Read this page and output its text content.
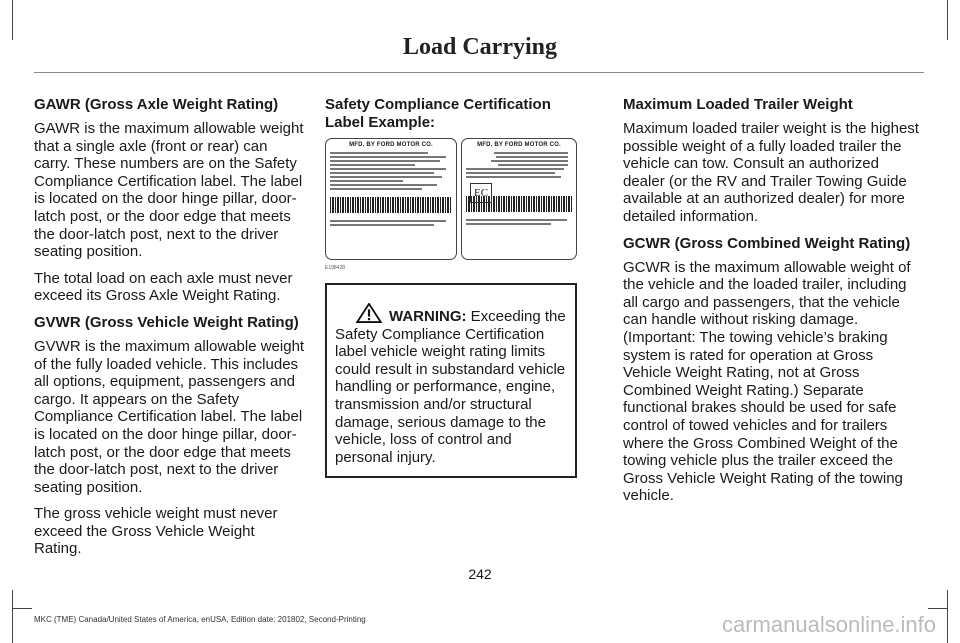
Load Carrying
GAWR (Gross Axle Weight Rating)

GAWR is the maximum allowable weight that a single axle (front or rear) can carry. These numbers are on the Safety Compliance Certification label. The label is located on the door hinge pillar, door-latch post, or the door edge that meets the door-latch post, next to the driver seating position.

The total load on each axle must never exceed its Gross Axle Weight Rating.

GVWR (Gross Vehicle Weight Rating)

GVWR is the maximum allowable weight of the fully loaded vehicle. This includes all options, equipment, passengers and cargo. It appears on the Safety Compliance Certification label. The label is located on the door hinge pillar, door-latch post, or the door edge that meets the door-latch post, next to the driver seating position.

The gross vehicle weight must never exceed the Gross Vehicle Weight Rating.

Safety Compliance Certification Label Example:
MFD. BY FORD MOTOR CO.	MFD. BY FORD MOTOR CO.
EC
E198428

WARNING: Exceeding the Safety Compliance Certification label vehicle weight rating limits could result in substandard vehicle handling or performance, engine, transmission and/or structural damage, serious damage to the vehicle, loss of control and personal injury.

Maximum Loaded Trailer Weight

Maximum loaded trailer weight is the highest possible weight of a fully loaded trailer the vehicle can tow. Consult an authorized dealer (or the RV and Trailer Towing Guide available at an authorized dealer) for more detailed information.

GCWR (Gross Combined Weight Rating)

GCWR is the maximum allowable weight of the vehicle and the loaded trailer, including all cargo and passengers, that the vehicle can handle without risking damage. (Important: The towing vehicle’s braking system is rated for operation at Gross Vehicle Weight Rating, not at Gross Combined Weight Rating.) Separate functional brakes should be used for safe control of towed vehicles and for trailers where the Gross Combined Weight of the towing vehicle plus the trailer exceed the Gross Vehicle Weight Rating of the towing vehicle.

242
MKC (TME) Canada/United States of America, enUSA, Edition date: 201802, Second-Printing	carmanualsonline.info
